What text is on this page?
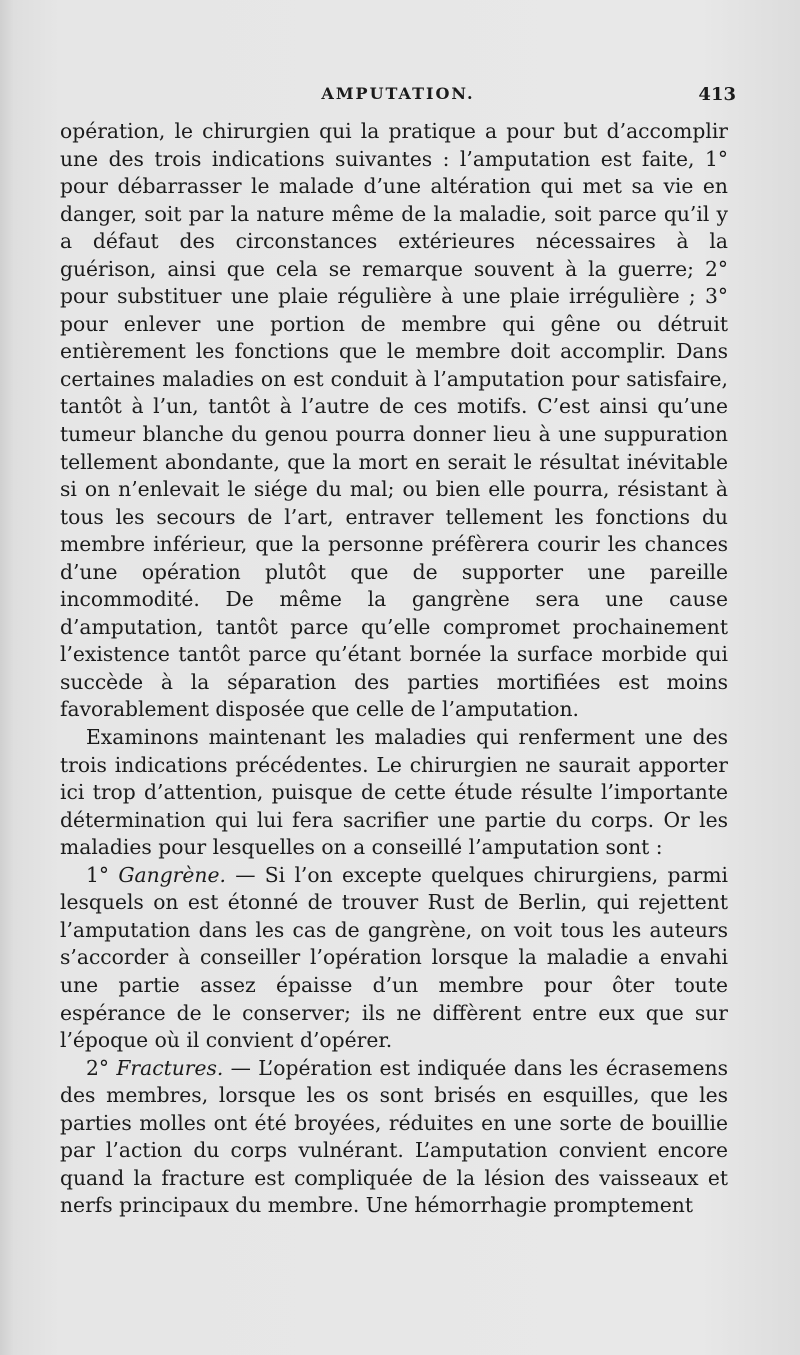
AMPUTATION.	413

opération, le chirurgien qui la pratique a pour but d’accomplir une des trois indications suivantes : l’amputation est faite, 1° pour débarrasser le malade d’une altération qui met sa vie en danger, soit par la nature même de la maladie, soit parce qu’il y a défaut des circonstances extérieures nécessaires à la guérison, ainsi que cela se remarque souvent à la guerre; 2° pour substituer une plaie régulière à une plaie irrégulière ; 3° pour enlever une portion de membre qui gêne ou détruit entièrement les fonctions que le membre doit accomplir. Dans certaines maladies on est conduit à l’amputation pour satisfaire, tantôt à l’un, tantôt à l’autre de ces motifs. C’est ainsi qu’une tumeur blanche du genou pourra donner lieu à une suppuration tellement abondante, que la mort en serait le résultat inévitable si on n’enlevait le siége du mal; ou bien elle pourra, résistant à tous les secours de l’art, entraver tellement les fonctions du membre inférieur, que la personne préfèrera courir les chances d’une opération plutôt que de supporter une pareille incommodité. De même la gangrène sera une cause d’amputation, tantôt parce qu’elle compromet prochainement l’existence tantôt parce qu’étant bornée la surface morbide qui succède à la séparation des parties mortifiées est moins favorablement disposée que celle de l’amputation.

Examinons maintenant les maladies qui renferment une des trois indications précédentes. Le chirurgien ne saurait apporter ici trop d’attention, puisque de cette étude résulte l’importante détermination qui lui fera sacrifier une partie du corps. Or les maladies pour lesquelles on a conseillé l’amputation sont :

1° Gangrène. — Si l’on excepte quelques chirurgiens, parmi lesquels on est étonné de trouver Rust de Berlin, qui rejettent l’amputation dans les cas de gangrène, on voit tous les auteurs s’accorder à conseiller l’opération lorsque la maladie a envahi une partie assez épaisse d’un membre pour ôter toute espérance de le conserver; ils ne diffèrent entre eux que sur l’époque où il convient d’opérer.

2° Fractures. — L’opération est indiquée dans les écrasemens des membres, lorsque les os sont brisés en esquilles, que les parties molles ont été broyées, réduites en une sorte de bouillie par l’action du corps vulnérant. L’amputation convient encore quand la fracture est compliquée de la lésion des vaisseaux et nerfs principaux du membre. Une hémorrhagie promptement
